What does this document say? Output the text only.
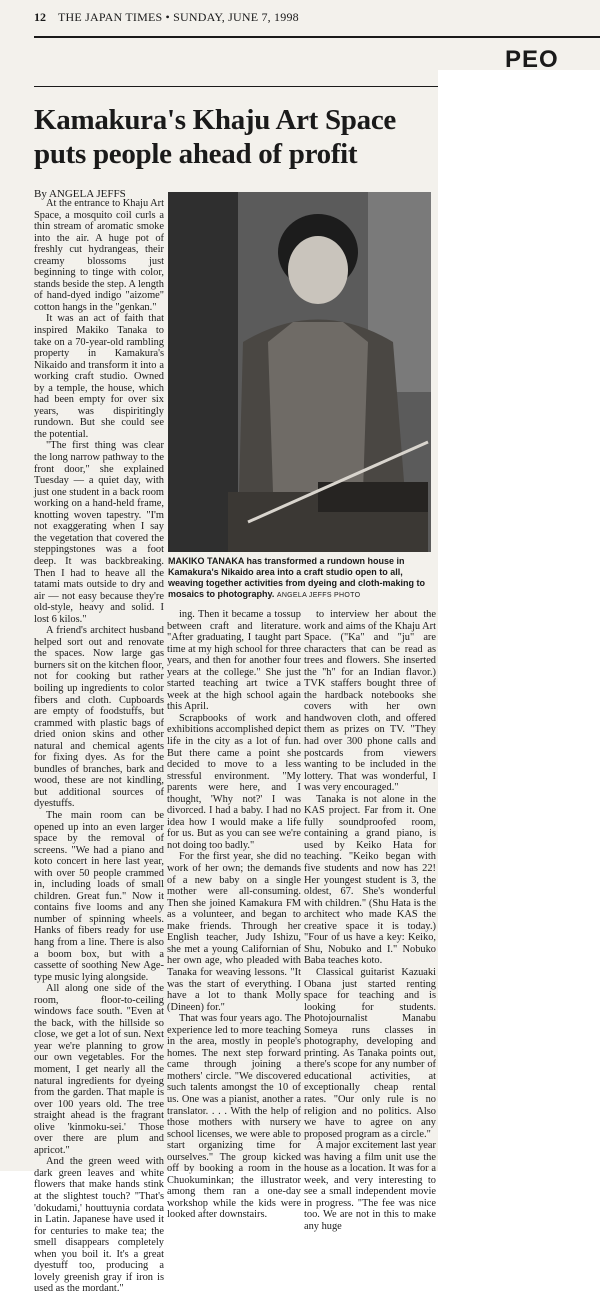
12 THE JAPAN TIMES • SUNDAY, JUNE 7, 1998
PEO
Kamakura's Khaju Art Space puts people ahead of profit
By ANGELA JEFFS
MAKIKO TANAKA has transformed a rundown house in Kamakura's Nikaido area into a craft studio open to all, weaving together activities from dyeing and cloth-making to mosaics to photography. ANGELA JEFFS PHOTO

At the entrance to Khaju Art Space, a mosquito coil curls a thin stream of aromatic smoke into the air. A huge pot of freshly cut hydrangeas, their creamy blossoms just beginning to tinge with color, stands beside the step. A length of hand-dyed indigo "aizome" cotton hangs in the "genkan."

It was an act of faith that inspired Makiko Tanaka to take on a 70-year-old rambling property in Kamakura's Nikaido and transform it into a working craft studio. Owned by a temple, the house, which had been empty for over six years, was dispiritingly rundown. But she could see the potential.

"The first thing was clear the long narrow pathway to the front door," she explained Tuesday — a quiet day, with just one student in a back room working on a hand-held frame, knotting woven tapestry. "I'm not exaggerating when I say the vegetation that covered the steppingstones was a foot deep. It was backbreaking. Then I had to heave all the tatami mats outside to dry and air — not easy because they're old-style, heavy and solid. I lost 6 kilos."

A friend's architect husband helped sort out and renovate the spaces. Now large gas burners sit on the kitchen floor, not for cooking but rather boiling up ingredients to color fibers and cloth. Cupboards are empty of foodstuffs, but crammed with plastic bags of dried onion skins and other natural and chemical agents for fixing dyes. As for the bundles of branches, bark and wood, these are not kindling, but additional sources of dyestuffs.

The main room can be opened up into an even larger space by the removal of screens. "We had a piano and koto concert in here last year, with over 50 people crammed in, including loads of small children. Great fun." Now it contains five looms and any number of spinning wheels. Hanks of fibers ready for use hang from a line. There is also a boom box, but with a cassette of soothing New Age-type music lying alongside.

All along one side of the room, floor-to-ceiling windows face south. "Even at the back, with the hillside so close, we get a lot of sun. Next year we're planning to grow our own vegetables. For the moment, I get nearly all the natural ingredients for dyeing from the garden. That maple is over 100 years old. The tree straight ahead is the fragrant olive 'kinmoku-sei.' Those over there are plum and apricot."

And the green weed with dark green leaves and white flowers that make hands stink at the slightest touch? "That's 'dokudami,' houttuynia cordata in Latin. Japanese have used it for centuries to make tea; the smell disappears completely when you boil it. It's a great dyestuff too, producing a lovely greenish gray if iron is used as the mordant."

ing. Then it became a tossup between craft and literature. "After graduating, I taught part time at my high school for three years, and then for another four years at the college." She just started teaching art twice a week at the high school again this April.

Scrapbooks of work and exhibitions accomplished depict life in the city as a lot of fun. But there came a point she decided to move to a less stressful environment. "My parents were here, and I thought, 'Why not?' I was divorced. I had a baby. I had no idea how I would make a life for us. But as you can see we're not doing too badly."

For the first year, she did no work of her own; the demands of a new baby on a single mother were all-consuming. Then she joined Kamakura FM as a volunteer, and began to make friends. Through her English teacher, Judy Ishizu, she met a young Californian of her own age, who pleaded with Tanaka for weaving lessons. "It was the start of everything. I have a lot to thank Molly (Dineen) for."

That was four years ago. The experience led to more teaching in the area, mostly in people's homes. The next step forward came through joining a mothers' circle. "We discovered such talents amongst the 10 of us. One was a pianist, another a translator. . . . With the help of those mothers with nursery school licenses, we were able to start organizing time for ourselves." The group kicked off by booking a room in the Chuokuminkan; the illustrator among them ran a one-day workshop while the kids were looked after downstairs.

to interview her about the work and aims of the Khaju Art Space. ("Ka" and "ju" are characters that can be read as trees and flowers. She inserted the "h" for an Indian flavor.) TVK staffers bought three of the hardback notebooks she covers with her own handwoven cloth, and offered them as prizes on TV. "They had over 300 phone calls and postcards from viewers wanting to be included in the lottery. That was wonderful, I was very encouraged."

Tanaka is not alone in the KAS project. Far from it. One fully soundproofed room, containing a grand piano, is used by Keiko Hata for teaching. "Keiko began with five students and now has 22! Her youngest student is 3, the oldest, 67. She's wonderful with children." (Shu Hata is the architect who made KAS the creative space it is today.) "Four of us have a key: Keiko, Shu, Nobuko and I." Nobuko Baba teaches koto.

Classical guitarist Kazuaki Obana just started renting space for teaching and is looking for students. Photojournalist Manabu Someya runs classes in photography, developing and printing. As Tanaka points out, there's scope for any number of educational activities, at exceptionally cheap rental rates. "Our only rule is no religion and no politics. Also we have to agree on any proposed program as a circle."

A major excitement last year was having a film unit use the house as a location. It was for a week, and very interesting to see a small independent movie in progress. "The fee was nice too. We are not in this to make any huge
